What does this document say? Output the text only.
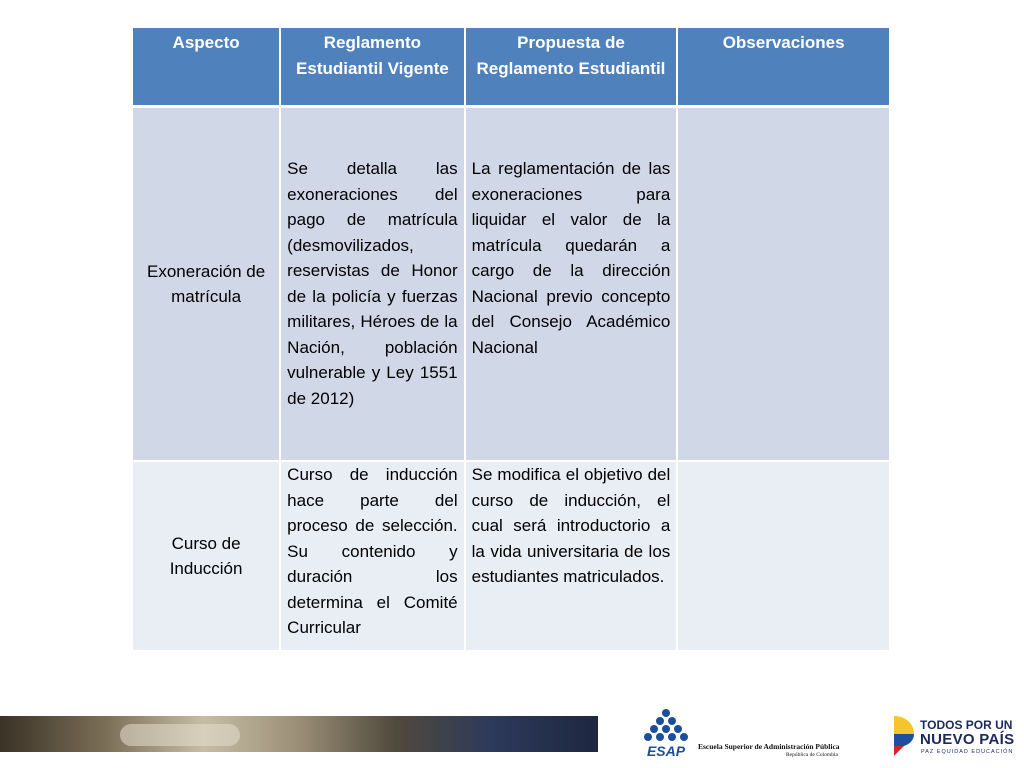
Aspecto	Reglamento Estudiantil Vigente	Propuesta de Reglamento Estudiantil	Observaciones
Exoneración de matrícula	Se detalla las exoneraciones del pago de matrícula (desmovilizados, reservistas de Honor de la policía y fuerzas militares, Héroes de la Nación, población vulnerable y Ley 1551 de 2012)	La reglamentación de las exoneraciones para liquidar el valor de la matrícula quedarán a cargo de la dirección Nacional previo concepto del Consejo Académico Nacional	
Curso de Inducción	Curso de inducción hace parte del proceso de selección. Su contenido y duración los determina el Comité Curricular	Se modifica el objetivo del curso de inducción, el cual será introductorio a la vida universitaria de los estudiantes matriculados.	
ESAP Escuela Superior de Administración Pública
República de Colombia
TODOS POR UN
NUEVO PAÍS
PAZ EQUIDAD EDUCACIÓN
